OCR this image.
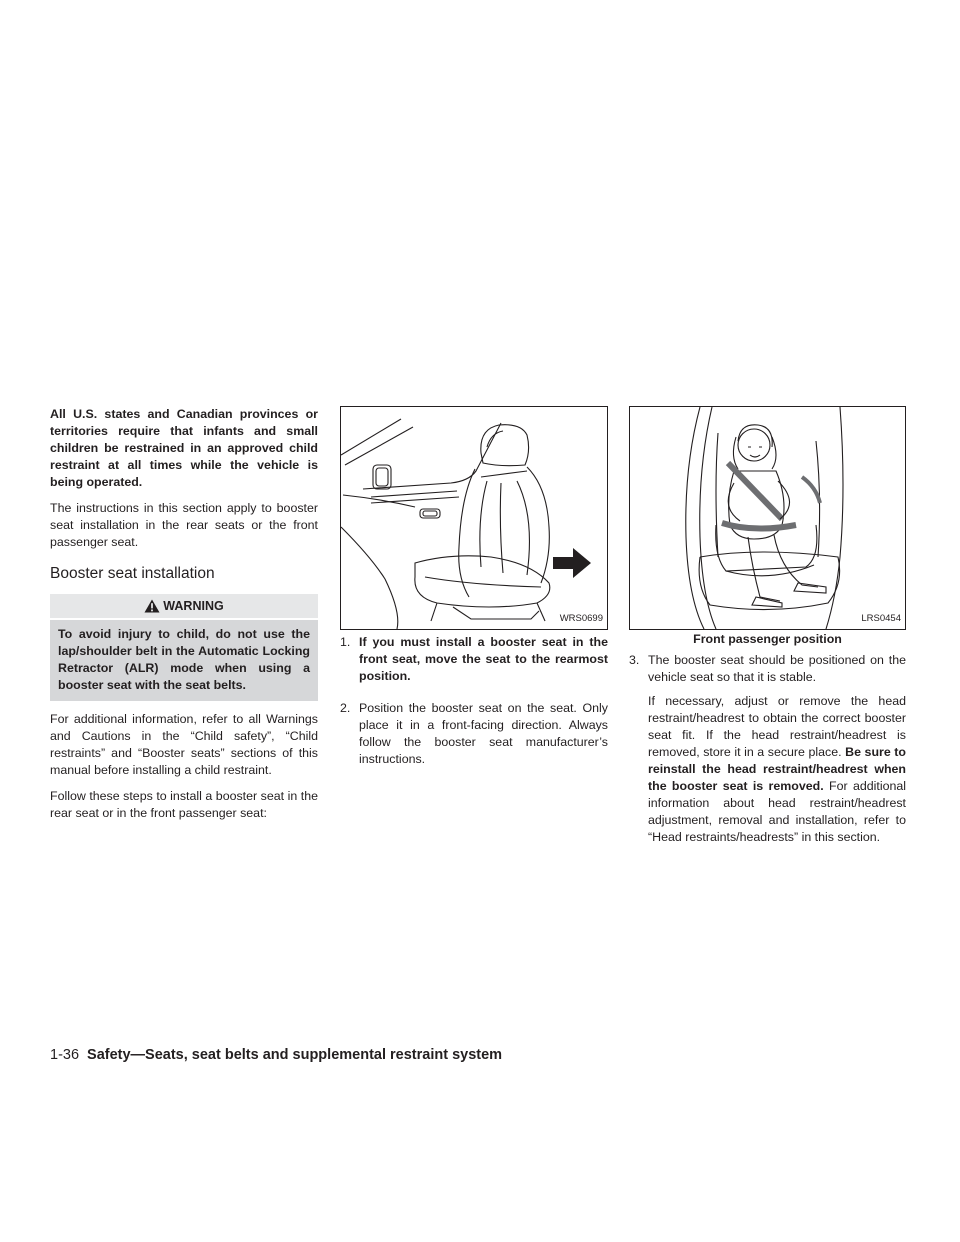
All U.S. states and Canadian provinces or territories require that infants and small children be restrained in an approved child restraint at all times while the vehicle is being operated.

The instructions in this section apply to booster seat installation in the rear seats or the front passenger seat.

Booster seat installation
WARNING
To avoid injury to child, do not use the lap/shoulder belt in the Automatic Locking Retractor (ALR) mode when using a booster seat with the seat belts.

For additional information, refer to all Warnings and Cautions in the “Child safety”, “Child restraints” and “Booster seats” sections of this manual before installing a child restraint.

Follow these steps to install a booster seat in the rear seat or in the front passenger seat:

WRS0699
1. If you must install a booster seat in the front seat, move the seat to the rearmost position.

2. Position the booster seat on the seat. Only place it in a front-facing direction. Always follow the booster seat manufacturer’s instructions.

LRS0454
Front passenger position
3. The booster seat should be positioned on the vehicle seat so that it is stable.

If necessary, adjust or remove the head restraint/headrest to obtain the correct booster seat fit. If the head restraint/headrest is removed, store it in a secure place. Be sure to reinstall the head restraint/headrest when the booster seat is removed. For additional information about head restraint/headrest adjustment, removal and installation, refer to “Head restraints/headrests” in this section.

1-36 Safety—Seats, seat belts and supplemental restraint system
